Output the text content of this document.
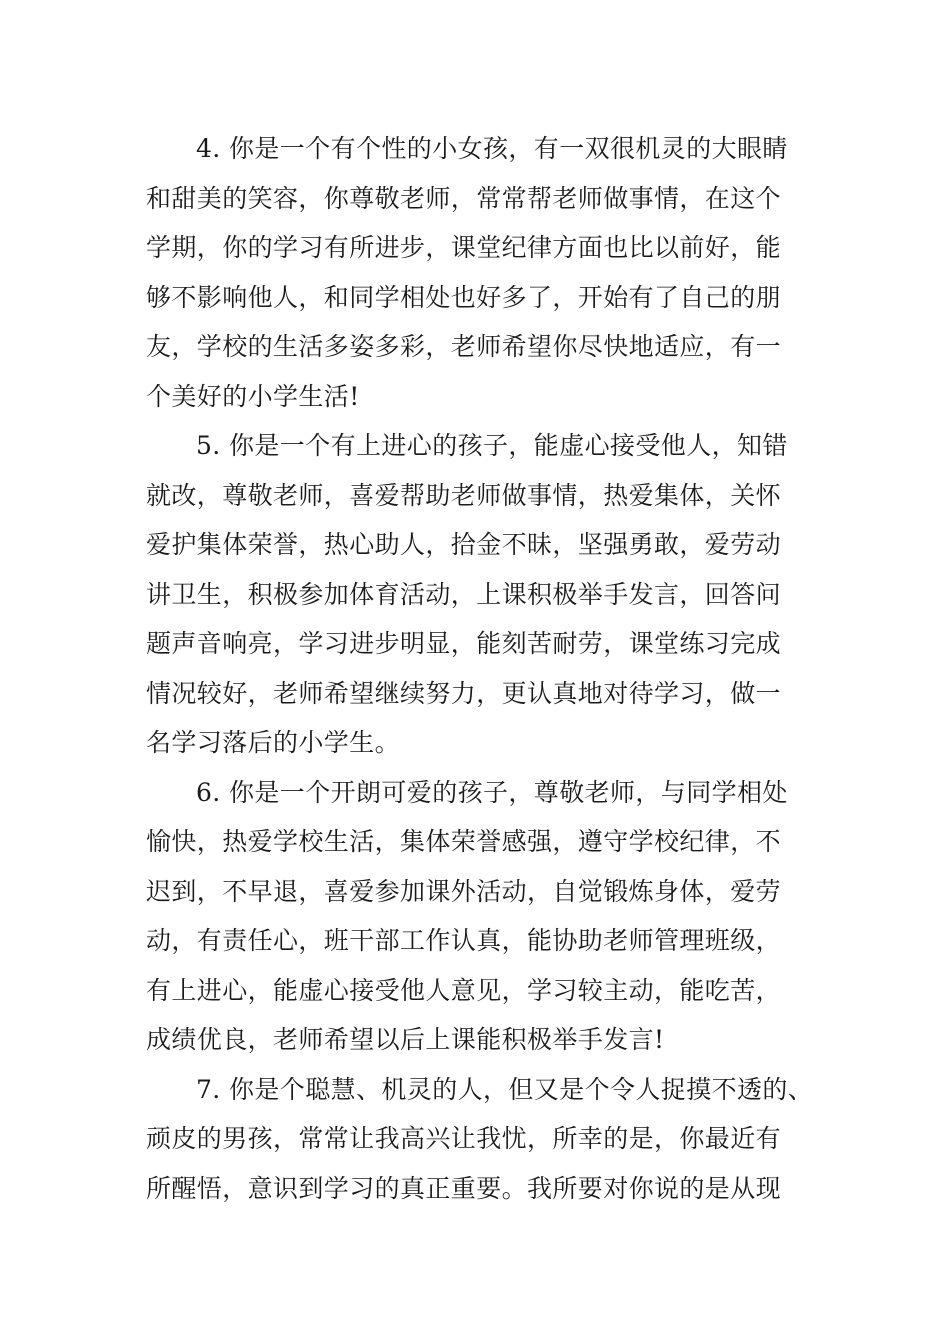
4. 你是一个有个性的小女孩，有一双很机灵的大眼睛
和甜美的笑容，你尊敬老师，常常帮老师做事情，在这个
学期，你的学习有所进步，课堂纪律方面也比以前好，能
够不影响他人，和同学相处也好多了，开始有了自己的朋
友，学校的生活多姿多彩，老师希望你尽快地适应，有一
个美好的小学生活!
5. 你是一个有上进心的孩子，能虚心接受他人，知错
就改，尊敬老师，喜爱帮助老师做事情，热爱集体，关怀
爱护集体荣誉，热心助人，拾金不昧，坚强勇敢，爱劳动
讲卫生，积极参加体育活动，上课积极举手发言，回答问
题声音响亮，学习进步明显，能刻苦耐劳，课堂练习完成
情况较好，老师希望继续努力，更认真地对待学习，做一
名学习落后的小学生。
6. 你是一个开朗可爱的孩子，尊敬老师，与同学相处
愉快，热爱学校生活，集体荣誉感强，遵守学校纪律，不
迟到，不早退，喜爱参加课外活动，自觉锻炼身体，爱劳
动，有责任心，班干部工作认真，能协助老师管理班级，
有上进心，能虚心接受他人意见，学习较主动，能吃苦，
成绩优良，老师希望以后上课能积极举手发言!
7. 你是个聪慧、机灵的人，但又是个令人捉摸不透的、
顽皮的男孩，常常让我高兴让我忧，所幸的是，你最近有
所醒悟，意识到学习的真正重要。我所要对你说的是从现
